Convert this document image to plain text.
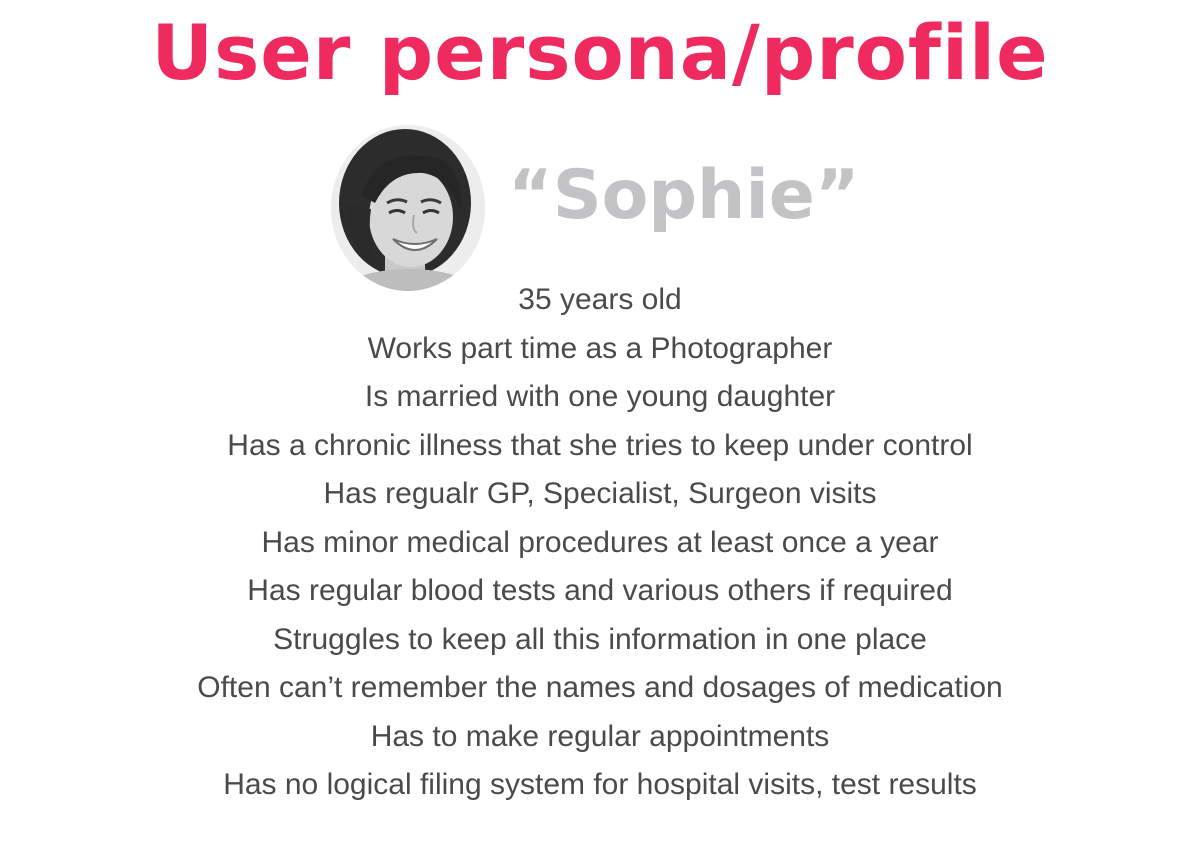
User persona/profile
“Sophie”
35 years old
Works part time as a Photographer
Is married with one young daughter
Has a chronic illness that she tries to keep under control
Has regualr GP, Specialist, Surgeon visits
Has minor medical procedures at least once a year
Has regular blood tests and various others if required
Struggles to keep all this information in one place
Often can’t remember the names and dosages of medication
Has to make regular appointments
Has no logical filing system for hospital visits, test results
